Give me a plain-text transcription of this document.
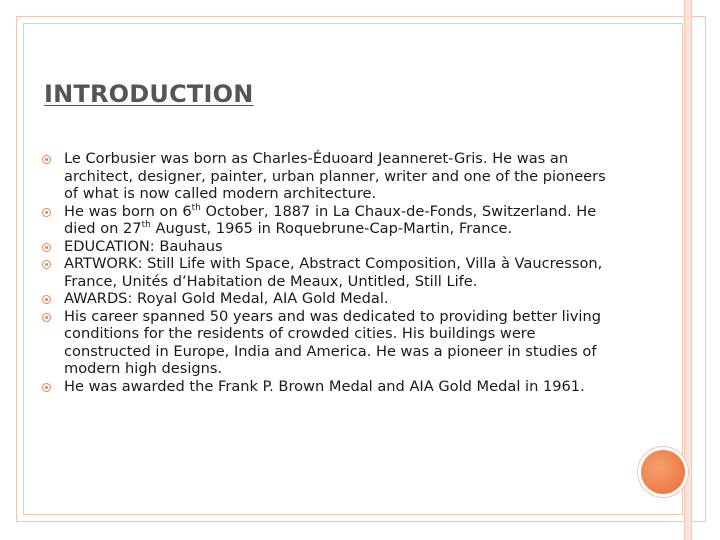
INTRODUCTION
Le Corbusier was born as Charles-Éduoard Jeanneret-Gris. He was an architect, designer, painter, urban planner, writer and one of the pioneers of what is now called modern architecture.
He was born on 6th October, 1887 in La Chaux-de-Fonds, Switzerland. He died on 27th August, 1965 in Roquebrune-Cap-Martin, France.
EDUCATION: Bauhaus
ARTWORK: Still Life with Space, Abstract Composition, Villa à Vaucresson, France, Unités d’Habitation de Meaux, Untitled, Still Life.
AWARDS: Royal Gold Medal, AIA Gold Medal.
His career spanned 50 years and was dedicated to providing better living conditions for the residents of crowded cities. His buildings were constructed in Europe, India and America. He was a pioneer in studies of modern high designs.
He was awarded the Frank P. Brown Medal and AIA Gold Medal in 1961.
